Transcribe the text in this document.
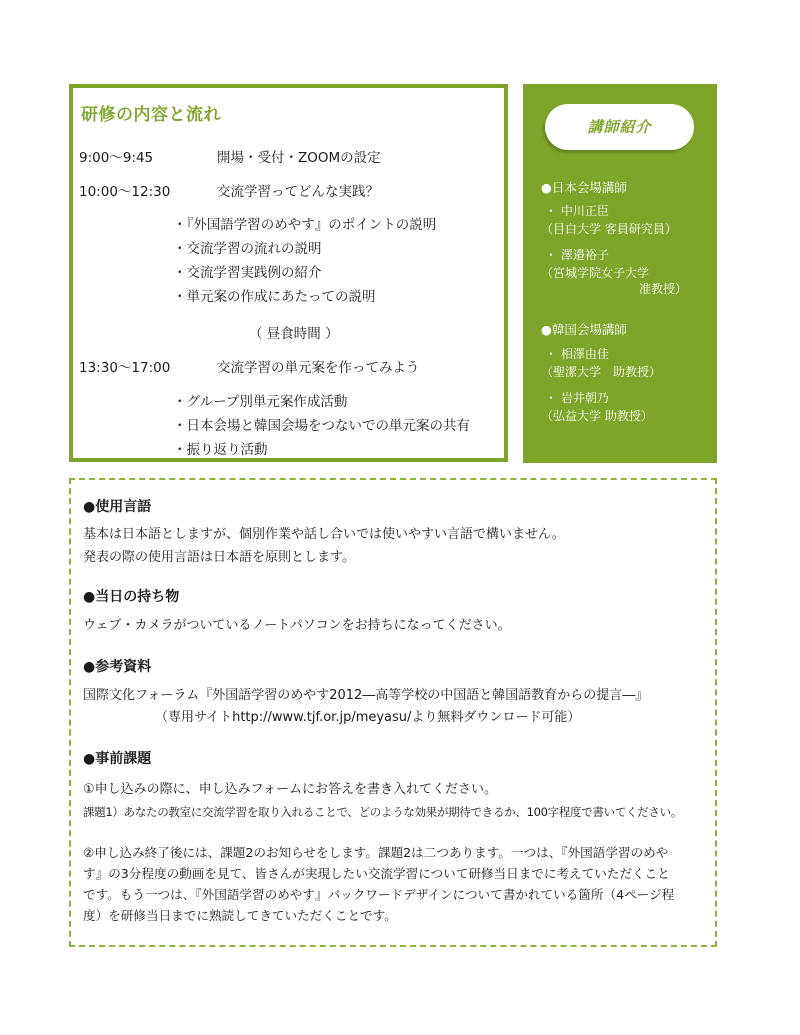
研修の内容と流れ
9:00～9:45	開場・受付・ZOOMの設定
10:00～12:30	交流学習ってどんな実践？
・『外国語学習のめやす』のポイントの説明
・交流学習の流れの説明
・交流学習実践例の紹介
・単元案の作成にあたっての説明
（ 昼食時間 ）
13:30～17:00	交流学習の単元案を作ってみよう
・グループ別単元案作成活動
・日本会場と韓国会場をつないでの単元案の共有
・振り返り活動
講師紹介
●日本会場講師
・ 中川正臣
（目白大学 客員研究員）
・ 澤邉裕子
（宮城学院女子大学
准教授）
●韓国会場講師
・ 相澤由佳
（聖潔大学　助教授）
・ 岩井朝乃
（弘益大学 助教授）
●使用言語
基本は日本語としますが、個別作業や話し合いでは使いやすい言語で構いません。
発表の際の使用言語は日本語を原則とします。
●当日の持ち物
ウェブ・カメラがついているノートパソコンをお持ちになってください。
●参考資料
国際文化フォーラム『外国語学習のめやす2012―高等学校の中国語と韓国語教育からの提言―』
（専用サイトhttp://www.tjf.or.jp/meyasu/より無料ダウンロード可能）
●事前課題
①申し込みの際に、申し込みフォームにお答えを書き入れてください。
課題1）あなたの教室に交流学習を取り入れることで、どのような効果が期待できるか、100字程度で書いてください。
②申し込み終了後には、課題2のお知らせをします。課題2は二つあります。一つは、『外国語学習のめや
す』の3分程度の動画を見て、皆さんが実現したい交流学習について研修当日までに考えていただくこと
です。もう一つは、『外国語学習のめやす』バックワードデザインについて書かれている箇所（4ページ程
度）を研修当日までに熟読してきていただくことです。
